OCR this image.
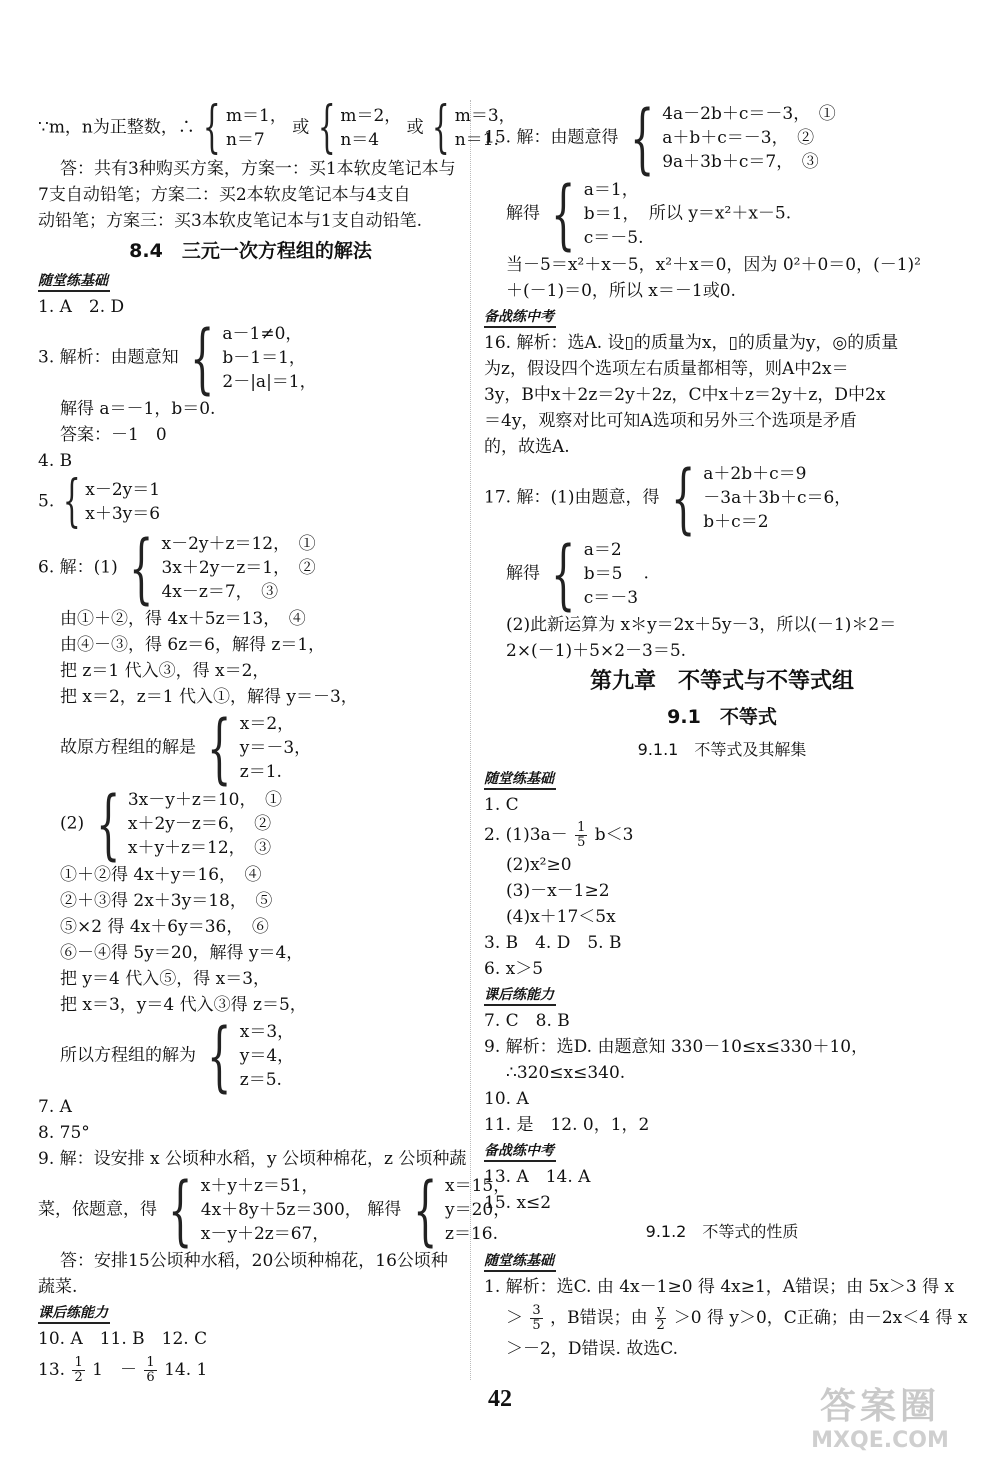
∵m，n为正整数，∴ { m＝1，
n＝7
或 { m＝2，
n＝4
或 { m＝3，
n＝1.
答：共有3种购买方案，方案一：买1本软皮笔记本与
7支自动铅笔；方案二：买2本软皮笔记本与4支自
动铅笔；方案三：买3本软皮笔记本与1支自动铅笔.
8.4　三元一次方程组的解法
随堂练基础
1. A　2. D
3. 解析：由题意知 { a－1≠0，
b－1＝1，
2－|a|＝1，
解得 a＝－1，b＝0.
答案：－1　0
4. B
5. { x－2y＝1
x＋3y＝6
6. 解：(1) { x－2y＋z＝12，　①
3x＋2y－z＝1，　②
4x－z＝7，　③
由①＋②，得 4x＋5z＝13，　④
由④－③，得 6z＝6，解得 z＝1，
把 z＝1 代入③，得 x＝2，
把 x＝2，z＝1 代入①，解得 y＝－3，
故原方程组的解是 { x＝2，
y＝－3，
z＝1.
(2) { 3x－y＋z＝10，　①
x＋2y－z＝6，　②
x＋y＋z＝12，　③
①＋②得 4x＋y＝16，　④
②＋③得 2x＋3y＝18，　⑤
⑤×2 得 4x＋6y＝36，　⑥
⑥－④得 5y＝20，解得 y＝4，
把 y＝4 代入⑤，得 x＝3，
把 x＝3，y＝4 代入③得 z＝5，
所以方程组的解为 { x＝3，
y＝4，
z＝5.
7. A
8. 75°
9. 解：设安排 x 公顷种水稻，y 公顷种棉花，z 公顷种蔬
菜，依题意，得 { x＋y＋z＝51，
4x＋8y＋5z＝300，
x－y＋2z＝67，
解得 { x＝15，
y＝20，
z＝16.
答：安排15公顷种水稻，20公顷种棉花，16公顷种
蔬菜.
课后练能力
10. A　11. B　12. C
13. $\frac{1}{2} 1$　－ $\frac{1}{6} 14$. 1
15. 解：由题意得 { 4a－2b＋c＝－3，　①
a＋b＋c＝－3，　②
9a＋3b＋c＝7，　③
解得 { a＝1，
b＝1，
c＝－5.
所以 y＝x²＋x－5.
当－5＝x²＋x－5，x²＋x＝0，因为 0²＋0＝0，(－1)²
＋(－1)＝0，所以 x＝－1或0.
备战练中考
16. 解析：选A. 设▯的质量为x，▯的质量为y，◎的质量
为z，假设四个选项左右质量都相等，则A中2x＝
3y，B中x＋2z＝2y＋2z，C中x＋z＝2y＋z，D中2x
＝4y，观察对比可知A选项和另外三个选项是矛盾
的，故选A.
17. 解：(1)由题意，得 { a＋2b＋c＝9
－3a＋3b＋c＝6，
b＋c＝2
解得 { a＝2
b＝5
c＝－3
.
(2)此新运算为 x＊y＝2x＋5y－3，所以(－1)＊2＝
2×(－1)＋5×2－3＝5.
第九章　不等式与不等式组
9.1　不等式
9.1.1　不等式及其解集
随堂练基础
1. C
2. $(1)3a- \frac{1}{5} b<3$
(2)x²≥0
(3)－x－1≥2
(4)x＋17＜5x
3. B　4. D　5. B
6. x＞5
课后练能力
7. C　8. B
9. 解析：选D. 由题意知 330－10≤x≤330＋10，
∴320≤x≤340.
10. A
11. 是　12. 0，1，2
备战练中考
13. A　14. A
15. x≤2
9.1.2　不等式的性质
随堂练基础
1. 解析：选C. 由 4x－1≥0 得 4x≥1，A错误；由 5x＞3 得 x
＞ $\frac{3}{5}$ ，B错误；由 $\frac{y}{2} >0$ 得 y＞0，C正确；由－2x＜4 得 x
＞－2，D错误. 故选C.
42	答案圈
MXQE.COM
